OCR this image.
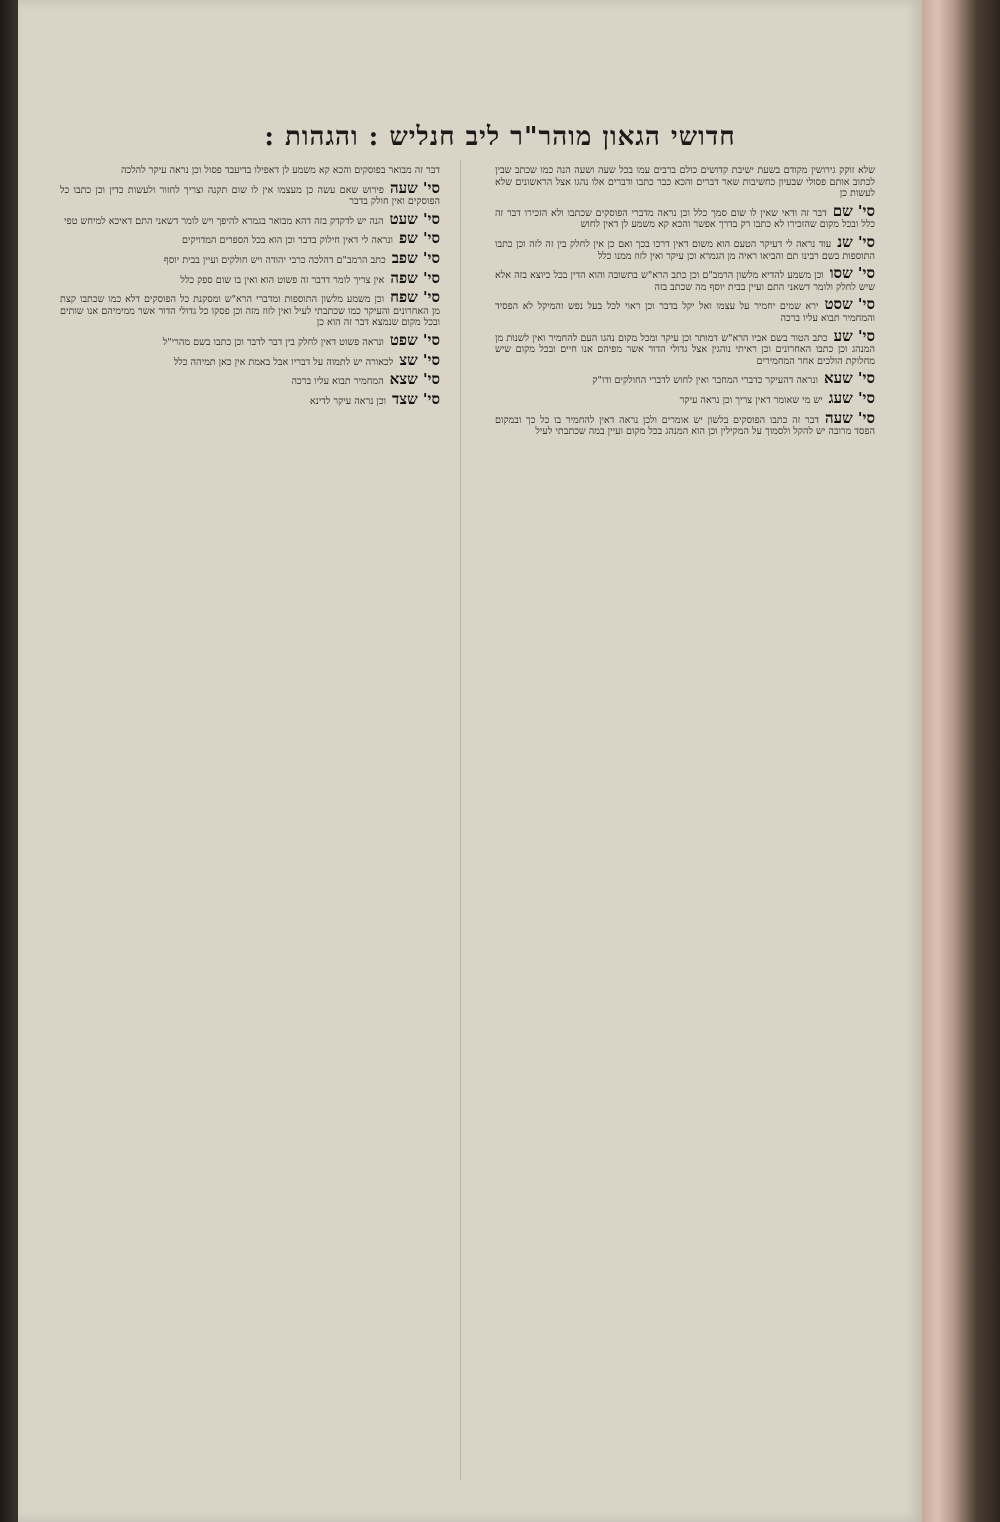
חדושי הגאון מוהר"ר ליב חנליש : והגהות :
שלא זוקק גירושין מקודם בשעת ישיבת קדושים כולם ברבים עמו בכל שעה ושעה הנה כמו שכתב שבין לכתוב אותם פסולי שבעיון כחשיבות שאר דברים והכא כבר כתבו ודברים אלו נהגו אצל הראשונים שלא לעשות כן
סי' שםדבר זה ודאי שאין לו שום סמך כלל וכן נראה מדברי הפוסקים שכתבו ולא הזכירו דבר זה כלל ובכל מקום שהזכירו לא כתבו רק בדרך אפשר והכא קא משמע לן דאין לחוש
סי' שנעוד נראה לי דעיקר הטעם הוא משום דאין דרכו בכך ואם כן אין לחלק בין זה לזה וכן כתבו התוספות בשם רבינו תם והביאו ראיה מן הגמרא וכן עיקר ואין לזוז ממנו כלל
סי' שסווכן משמע להדיא מלשון הרמב"ם וכן כתב הרא"ש בתשובה והוא הדין בכל כיוצא בזה אלא שיש לחלק ולומר דשאני התם ועיין בבית יוסף מה שכתב בזה
סי' שסטירא שמים יחמיר על עצמו ואל יקל בדבר וכן ראוי לכל בעל נפש והמיקל לא הפסיד והמחמיר תבוא עליו ברכה
סי' שעכתב הטור בשם אביו הרא"ש דמותר וכן עיקר ומכל מקום נהגו העם להחמיר ואין לשנות מן המנהג וכן כתבו האחרונים וכן ראיתי נוהגין אצל גדולי הדור אשר מפיהם אנו חיים ובכל מקום שיש מחלוקת הולכים אחר המחמירים
סי' שעאונראה דהעיקר כדברי המחבר ואין לחוש לדברי החולקים ודו"ק
סי' שעגיש מי שאומר דאין צריך וכן נראה עיקר
סי' שעהדבר זה כתבו הפוסקים בלשון יש אומרים ולכן נראה דאין להחמיר בו כל כך ובמקום הפסד מרובה יש להקל ולסמוך על המקילין וכן הוא המנהג בכל מקום ועיין במה שכתבתי לעיל
דבר זה מבואר בפוסקים והכא קא משמע לן דאפילו בדיעבד פסול וכן נראה עיקר להלכה
סי' שעהפירוש שאם עשה כן מעצמו אין לו שום תקנה וצריך לחזור ולעשות כדין וכן כתבו כל הפוסקים ואין חולק בדבר
סי' שעטהנה יש לדקדק בזה דהא מבואר בגמרא להיפך ויש לומר דשאני התם דאיכא למיחש טפי
סי' שפונראה לי דאין חילוק בדבר וכן הוא בכל הספרים המדויקים
סי' שפבכתב הרמב"ם דהלכה כרבי יהודה ויש חולקים ועיין בבית יוסף
סי' שפהאין צריך לומר דדבר זה פשוט הוא ואין בו שום ספק כלל
סי' שפחוכן משמע מלשון התוספות ומדברי הרא"ש ומסקנת כל הפוסקים דלא כמו שכתבו קצת מן האחרונים והעיקר כמו שכתבתי לעיל ואין לזוז מזה וכן פסקו כל גדולי הדור אשר ממימיהם אנו שותים ובכל מקום שנמצא דבר זה הוא כן
סי' שפטונראה פשוט דאין לחלק בין דבר לדבר וכן כתבו בשם מהרי"ל
סי' שצלכאורה יש לתמוה על דבריו אבל באמת אין כאן תמיהה כלל
סי' שצאהמחמיר תבוא עליו ברכה
סי' שצדוכן נראה עיקר לדינא
